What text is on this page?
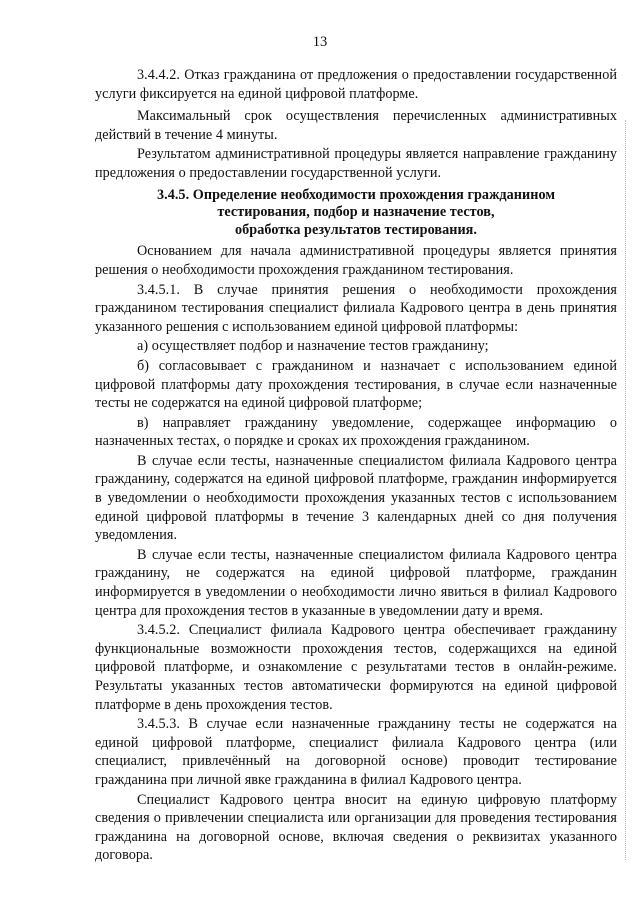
13

3.4.4.2. Отказ гражданина от предложения о предоставлении государственной услуги фиксируется на единой цифровой платформе.

Максимальный срок осуществления перечисленных административных действий в течение 4 минуты.

Результатом административной процедуры является направление гражданину предложения о предоставлении государственной услуги.

3.4.5. Определение необходимости прохождения гражданином
тестирования, подбор и назначение тестов,
обработка результатов тестирования.

Основанием для начала административной процедуры является принятия решения о необходимости прохождения гражданином тестирования.

3.4.5.1. В случае принятия решения о необходимости прохождения гражданином тестирования специалист филиала Кадрового центра в день принятия указанного решения с использованием единой цифровой платформы:

а) осуществляет подбор и назначение тестов гражданину;

б) согласовывает с гражданином и назначает с использованием единой цифровой платформы дату прохождения тестирования, в случае если назначенные тесты не содержатся на единой цифровой платформе;

в) направляет гражданину уведомление, содержащее информацию о назначенных тестах, о порядке и сроках их прохождения гражданином.

В случае если тесты, назначенные специалистом филиала Кадрового центра гражданину, содержатся на единой цифровой платформе, гражданин информируется в уведомлении о необходимости прохождения указанных тестов с использованием единой цифровой платформы в течение 3 календарных дней со дня получения уведомления.

В случае если тесты, назначенные специалистом филиала Кадрового центра гражданину, не содержатся на единой цифровой платформе, гражданин информируется в уведомлении о необходимости лично явиться в филиал Кадрового центра для прохождения тестов в указанные в уведомлении дату и время.

3.4.5.2. Специалист филиала Кадрового центра обеспечивает гражданину функциональные возможности прохождения тестов, содержащихся на единой цифровой платформе, и ознакомление с результатами тестов в онлайн-режиме. Результаты указанных тестов автоматически формируются на единой цифровой платформе в день прохождения тестов.

3.4.5.3. В случае если назначенные гражданину тесты не содержатся на единой цифровой платформе, специалист филиала Кадрового центра (или специалист, привлечённый на договорной основе) проводит тестирование гражданина при личной явке гражданина в филиал Кадрового центра.

Специалист Кадрового центра вносит на единую цифровую платформу сведения о привлечении специалиста или организации для проведения тестирования гражданина на договорной основе, включая сведения о реквизитах указанного договора.
